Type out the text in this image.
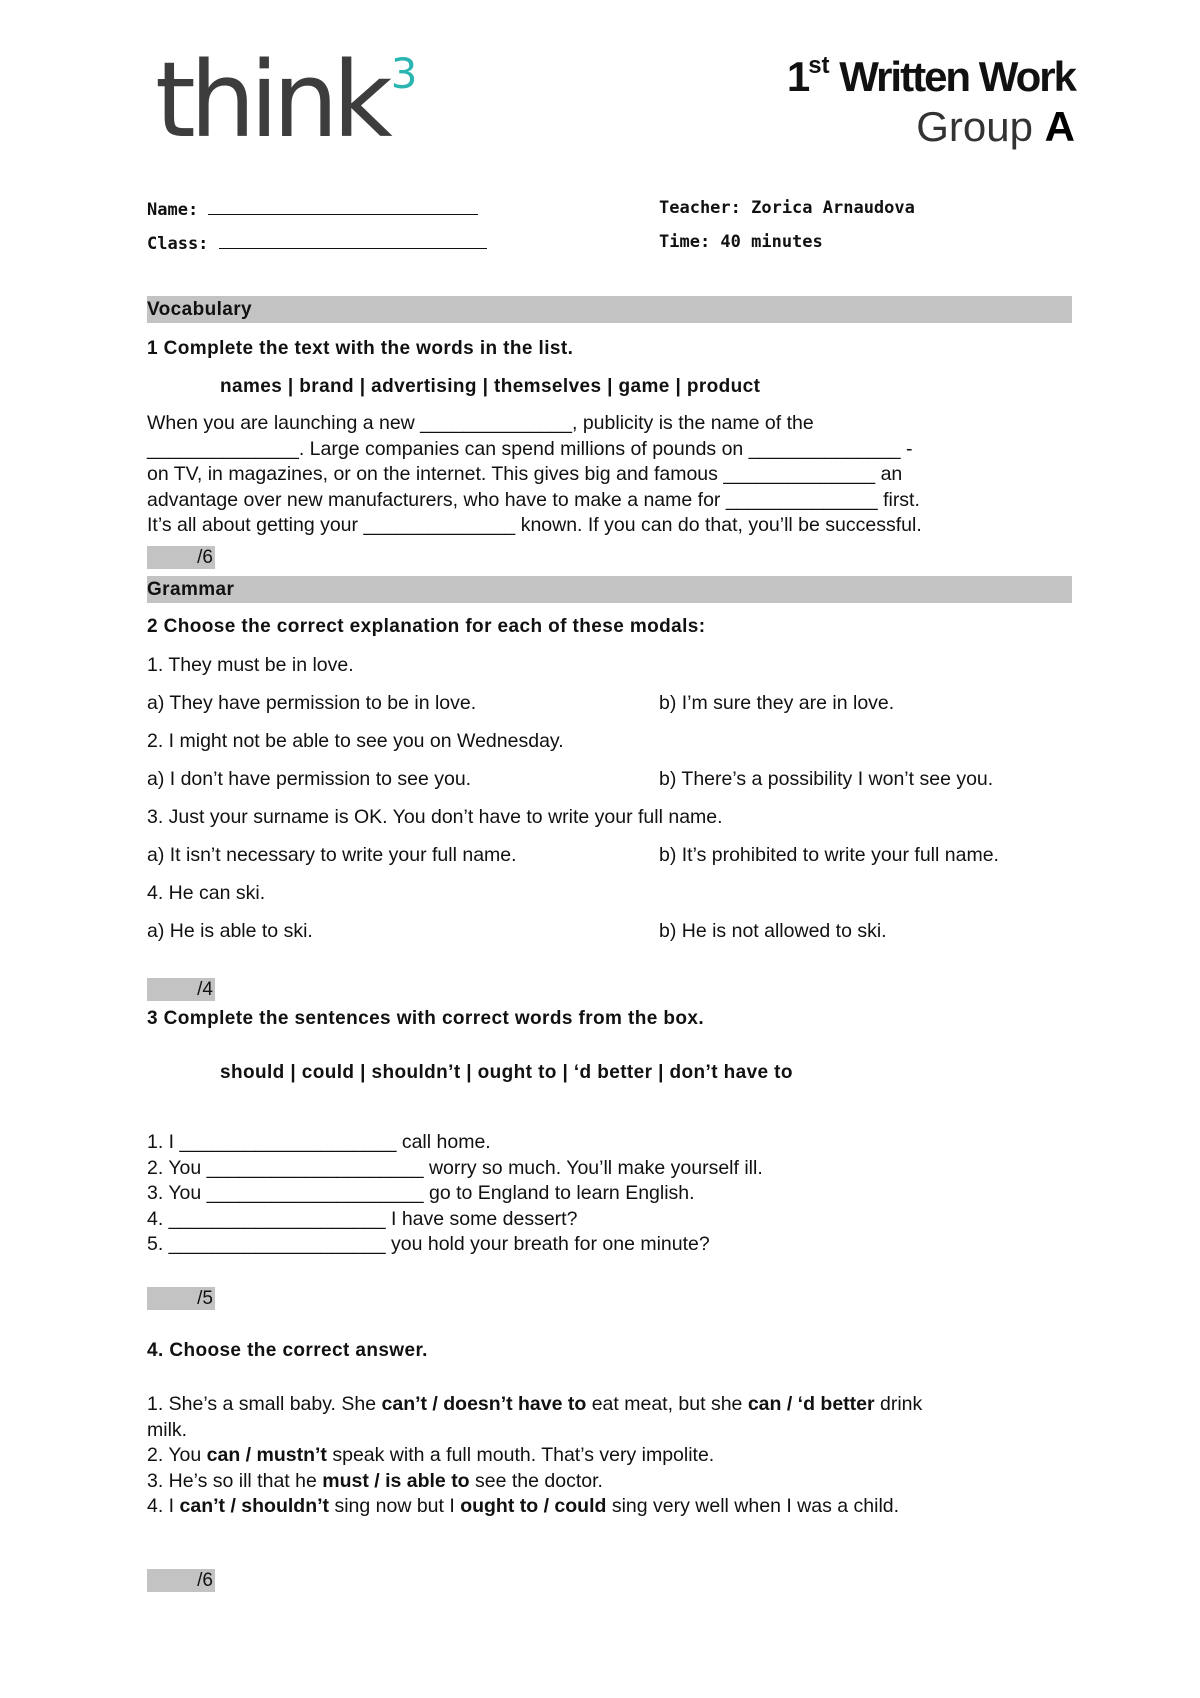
think$^3$	1st Written Work
Group A
Name:
Class:
Teacher: Zorica Arnaudova
Time: 40 minutes
Vocabulary
1 Complete the text with the words in the list.
names | brand | advertising | themselves | game | product

When you are launching a new ______________, publicity is the name of the

______________. Large companies can spend millions of pounds on ______________ -

on TV, in magazines, or on the internet. This gives big and famous ______________ an

advantage over new manufacturers, who have to make a name for ______________ first.

It’s all about getting your ______________ known. If you can do that, you’ll be successful.

/6
Grammar
2 Choose the correct explanation for each of these modals:
1. They must be in love.
a) They have permission to be in love.	b) I’m sure they are in love.
2. I might not be able to see you on Wednesday.
a) I don’t have permission to see you.	b) There’s a possibility I won’t see you.
3. Just your surname is OK. You don’t have to write your full name.
a) It isn’t necessary to write your full name.	b) It’s prohibited to write your full name.
4. He can ski.
a) He is able to ski.	b) He is not allowed to ski.
/4
3 Complete the sentences with correct words from the box.
should | could | shouldn’t | ought to | ‘d better | don’t have to
1. I ____________________ call home.
2. You ____________________ worry so much. You’ll make yourself ill.
3. You ____________________ go to England to learn English.
4. ____________________ I have some dessert?
5. ____________________ you hold your breath for one minute?
/5
4. Choose the correct answer.
1. She’s a small baby. She can’t / doesn’t have to eat meat, but she can / ‘d better drink
milk.
2. You can / mustn’t speak with a full mouth. That’s very impolite.
3. He’s so ill that he must / is able to see the doctor.
4. I can’t / shouldn’t sing now but I ought to / could sing very well when I was a child.
/6
